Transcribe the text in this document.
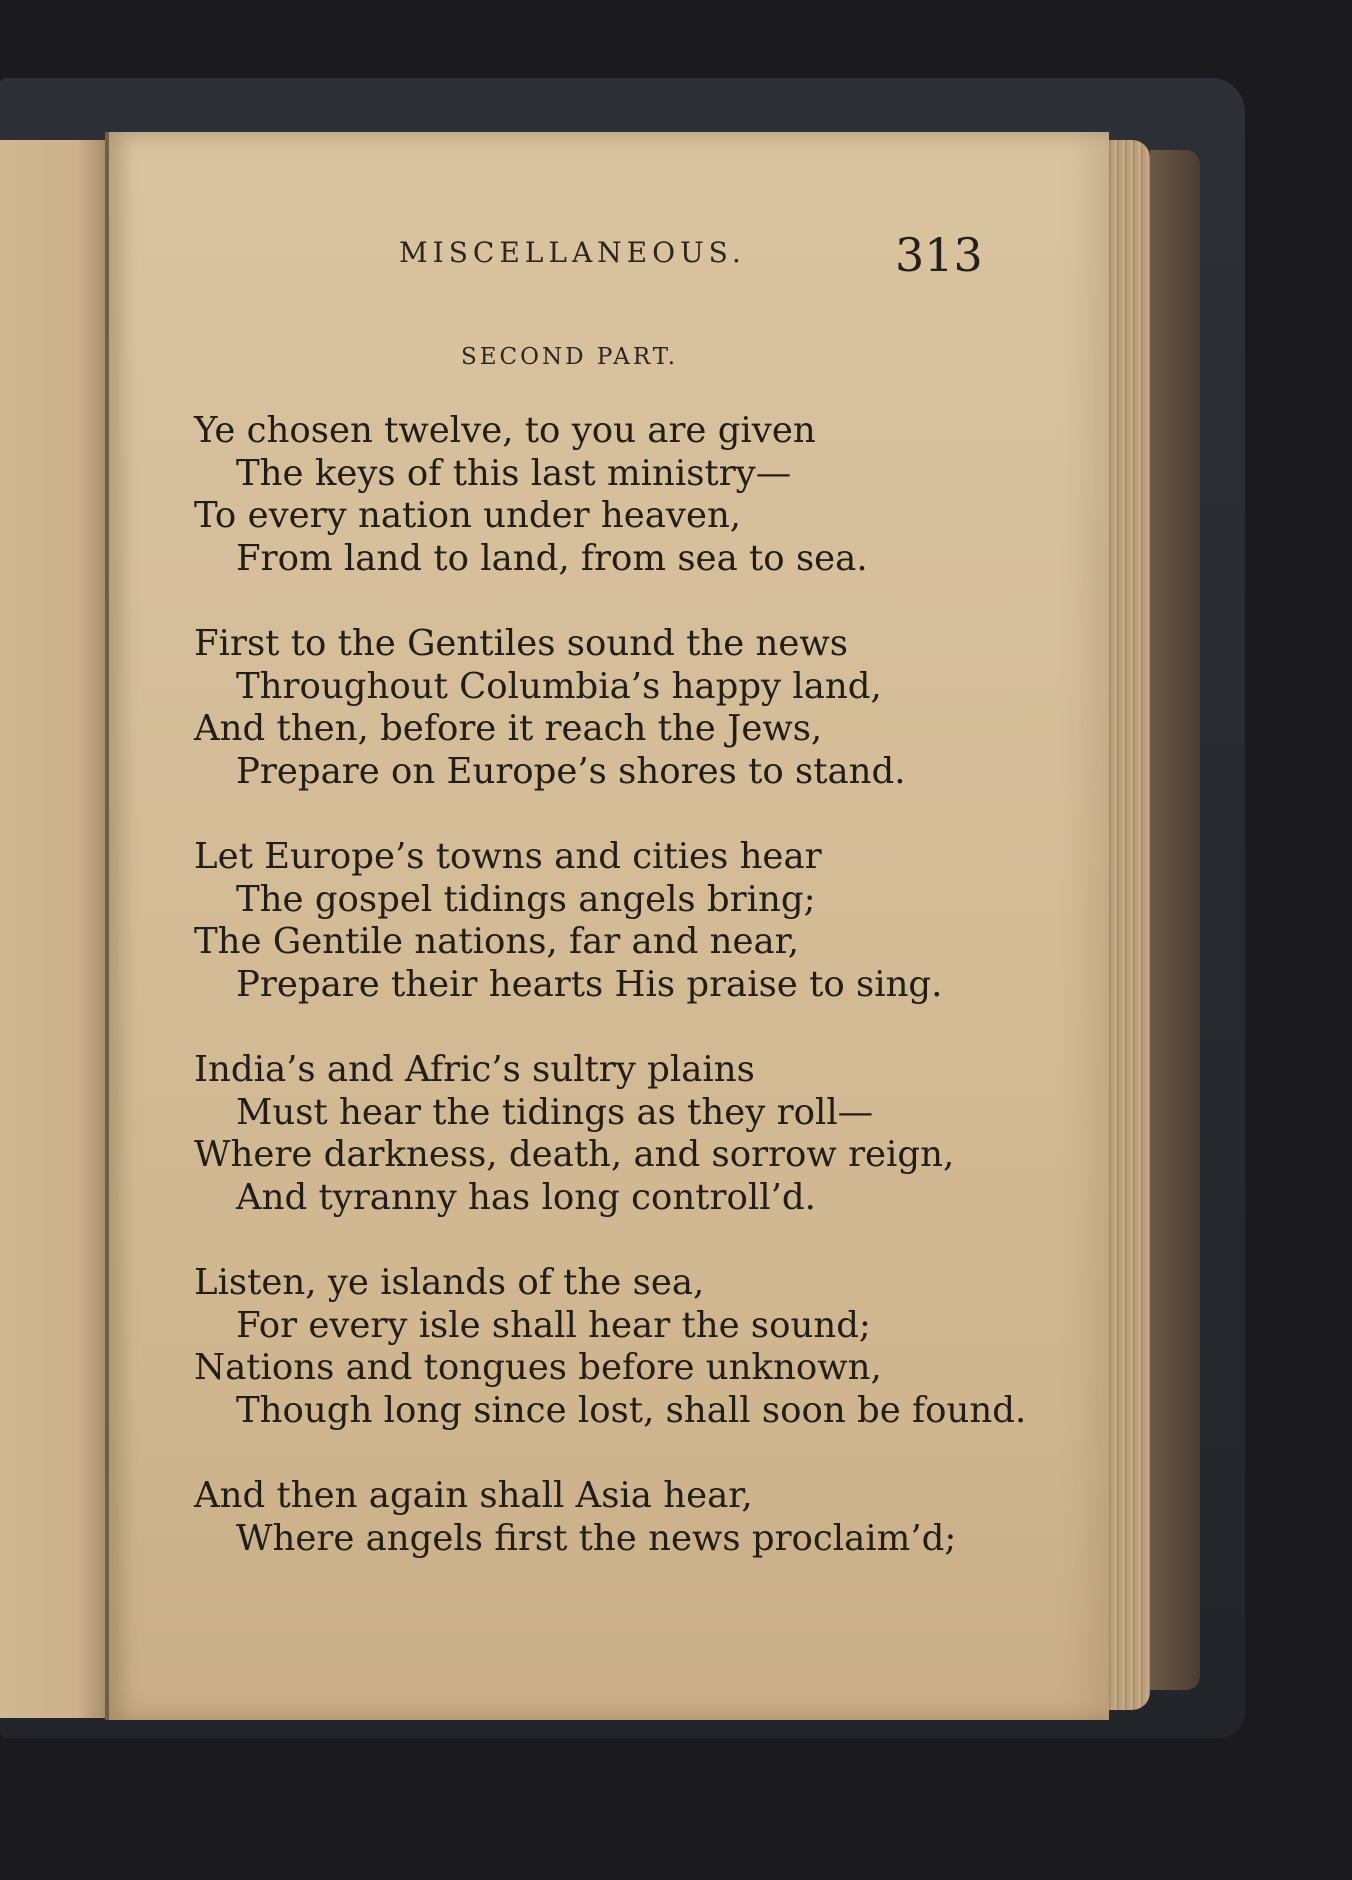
MISCELLANEOUS.	313
SECOND PART.
Ye chosen twelve, to you are given
The keys of this last ministry—
To every nation under heaven,
From land to land, from sea to sea.
First to the Gentiles sound the news
Throughout Columbia’s happy land,
And then, before it reach the Jews,
Prepare on Europe’s shores to stand.
Let Europe’s towns and cities hear
The gospel tidings angels bring;
The Gentile nations, far and near,
Prepare their hearts His praise to sing.
India’s and Afric’s sultry plains
Must hear the tidings as they roll—
Where darkness, death, and sorrow reign,
And tyranny has long controll’d.
Listen, ye islands of the sea,
For every isle shall hear the sound;
Nations and tongues before unknown,
Though long since lost, shall soon be found.
And then again shall Asia hear,
Where angels first the news proclaim’d;
